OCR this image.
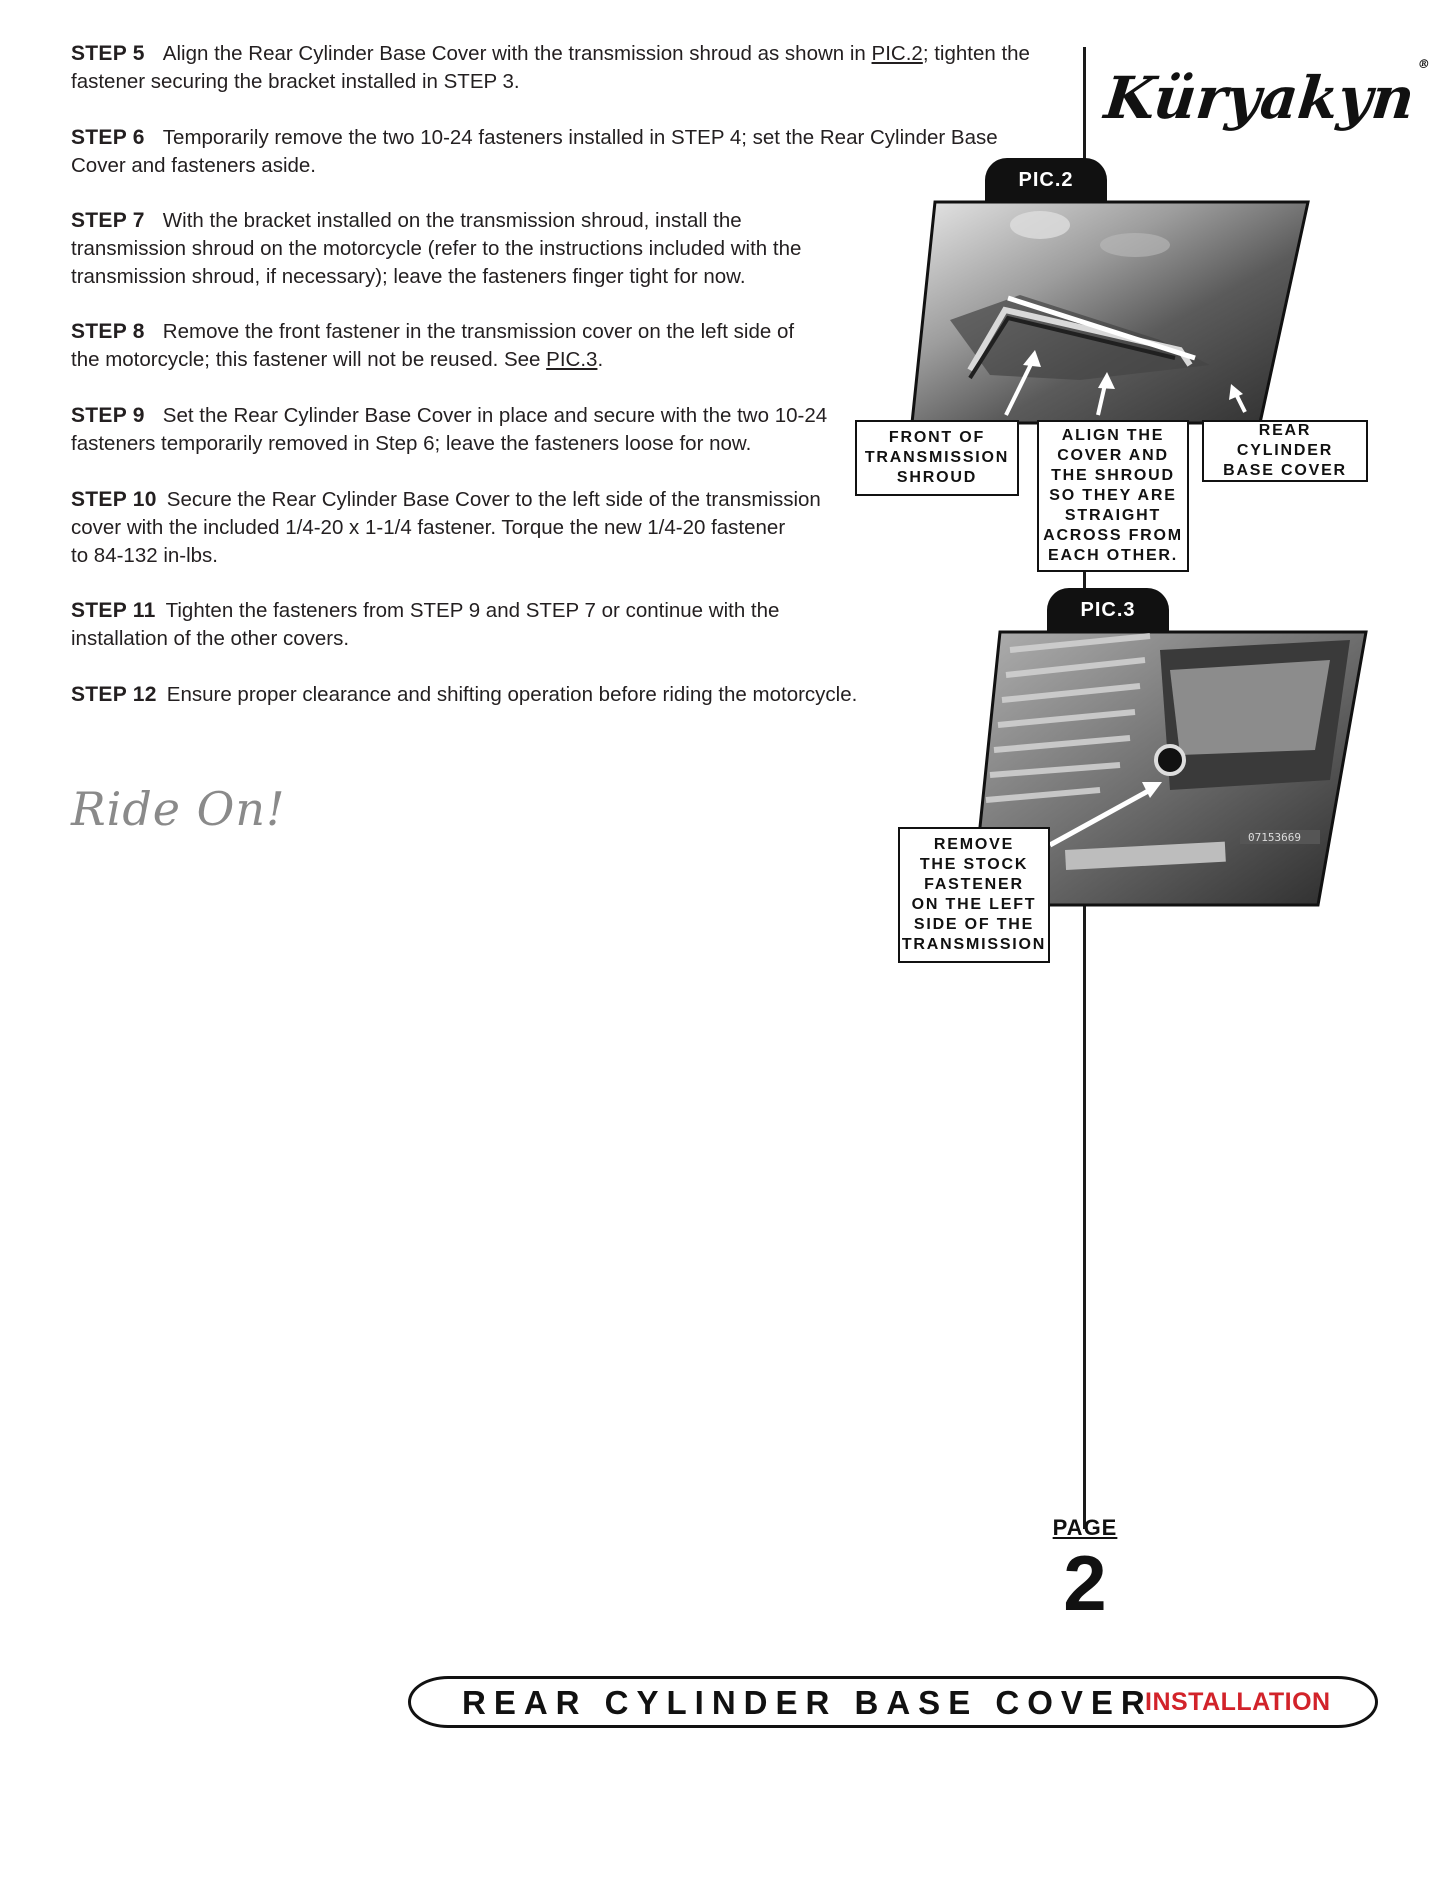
STEP 5 Align the Rear Cylinder Base Cover with the transmission shroud as shown in PIC.2; tighten the
fastener securing the bracket installed in STEP 3.
STEP 6 Temporarily remove the two 10-24 fasteners installed in STEP 4; set the Rear Cylinder Base
Cover and fasteners aside.
STEP 7 With the bracket installed on the transmission shroud, install the
transmission shroud on the motorcycle (refer to the instructions included with the
transmission shroud, if necessary); leave the fasteners finger tight for now.
STEP 8 Remove the front fastener in the transmission cover on the left side of
the motorcycle; this fastener will not be reused. See PIC.3.
STEP 9 Set the Rear Cylinder Base Cover in place and secure with the two 10-24
fasteners temporarily removed in Step 6; leave the fasteners loose for now.
STEP 10 Secure the Rear Cylinder Base Cover to the left side of the transmission
cover with the included 1/4-20 x 1-1/4 fastener. Torque the new 1/4-20 fastener
to 84-132 in-lbs.
STEP 11 Tighten the fasteners from STEP 9 and STEP 7 or continue with the
installation of the other covers.
STEP 12 Ensure proper clearance and shifting operation before riding the motorcycle.
Ride On!
Küryakyn®
PIC.2
FRONT OF
TRANSMISSION
SHROUD
ALIGN THE
COVER AND
THE SHROUD
SO THEY ARE
STRAIGHT
ACROSS FROM
EACH OTHER.
REAR CYLINDER
BASE COVER
PIC.3
07153669
REMOVE
THE STOCK
FASTENER
ON THE LEFT
SIDE OF THE
TRANSMISSION
PAGE
2
REAR CYLINDER BASE COVER
INSTALLATION
